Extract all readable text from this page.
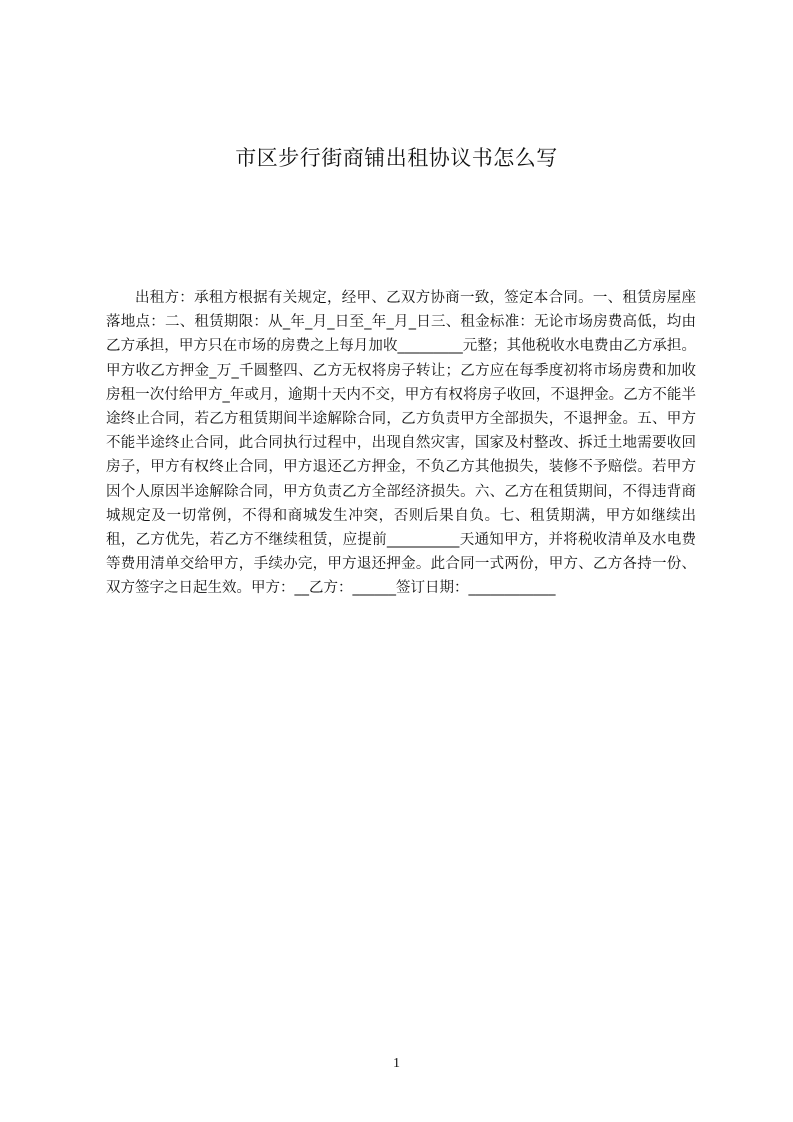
市区步行街商铺出租协议书怎么写

出租方：承租方根据有关规定，经甲、乙双方协商一致，签定本合同。一、租赁房屋座落地点：二、租赁期限：从_年_月_日至_年_月_日三、租金标准：无论市场房费高低，均由乙方承担，甲方只在市场的房费之上每月加收_________元整；其他税收水电费由乙方承担。甲方收乙方押金_万_千圆整四、乙方无权将房子转让；乙方应在每季度初将市场房费和加收房租一次付给甲方_年或月，逾期十天内不交，甲方有权将房子收回，不退押金。乙方不能半途终止合同，若乙方租赁期间半途解除合同，乙方负责甲方全部损失，不退押金。五、甲方不能半途终止合同，此合同执行过程中，出现自然灾害，国家及村整改、拆迁土地需要收回房子，甲方有权终止合同，甲方退还乙方押金，不负乙方其他损失，装修不予赔偿。若甲方因个人原因半途解除合同，甲方负责乙方全部经济损失。六、乙方在租赁期间，不得违背商城规定及一切常例，不得和商城发生冲突，否则后果自负。七、租赁期满，甲方如继续出租，乙方优先，若乙方不继续租赁，应提前__________天通知甲方，并将税收清单及水电费等费用清单交给甲方，手续办完，甲方退还押金。此合同一式两份，甲方、乙方各持一份、双方签字之日起生效。甲方：__乙方：______签订日期：____________

1
